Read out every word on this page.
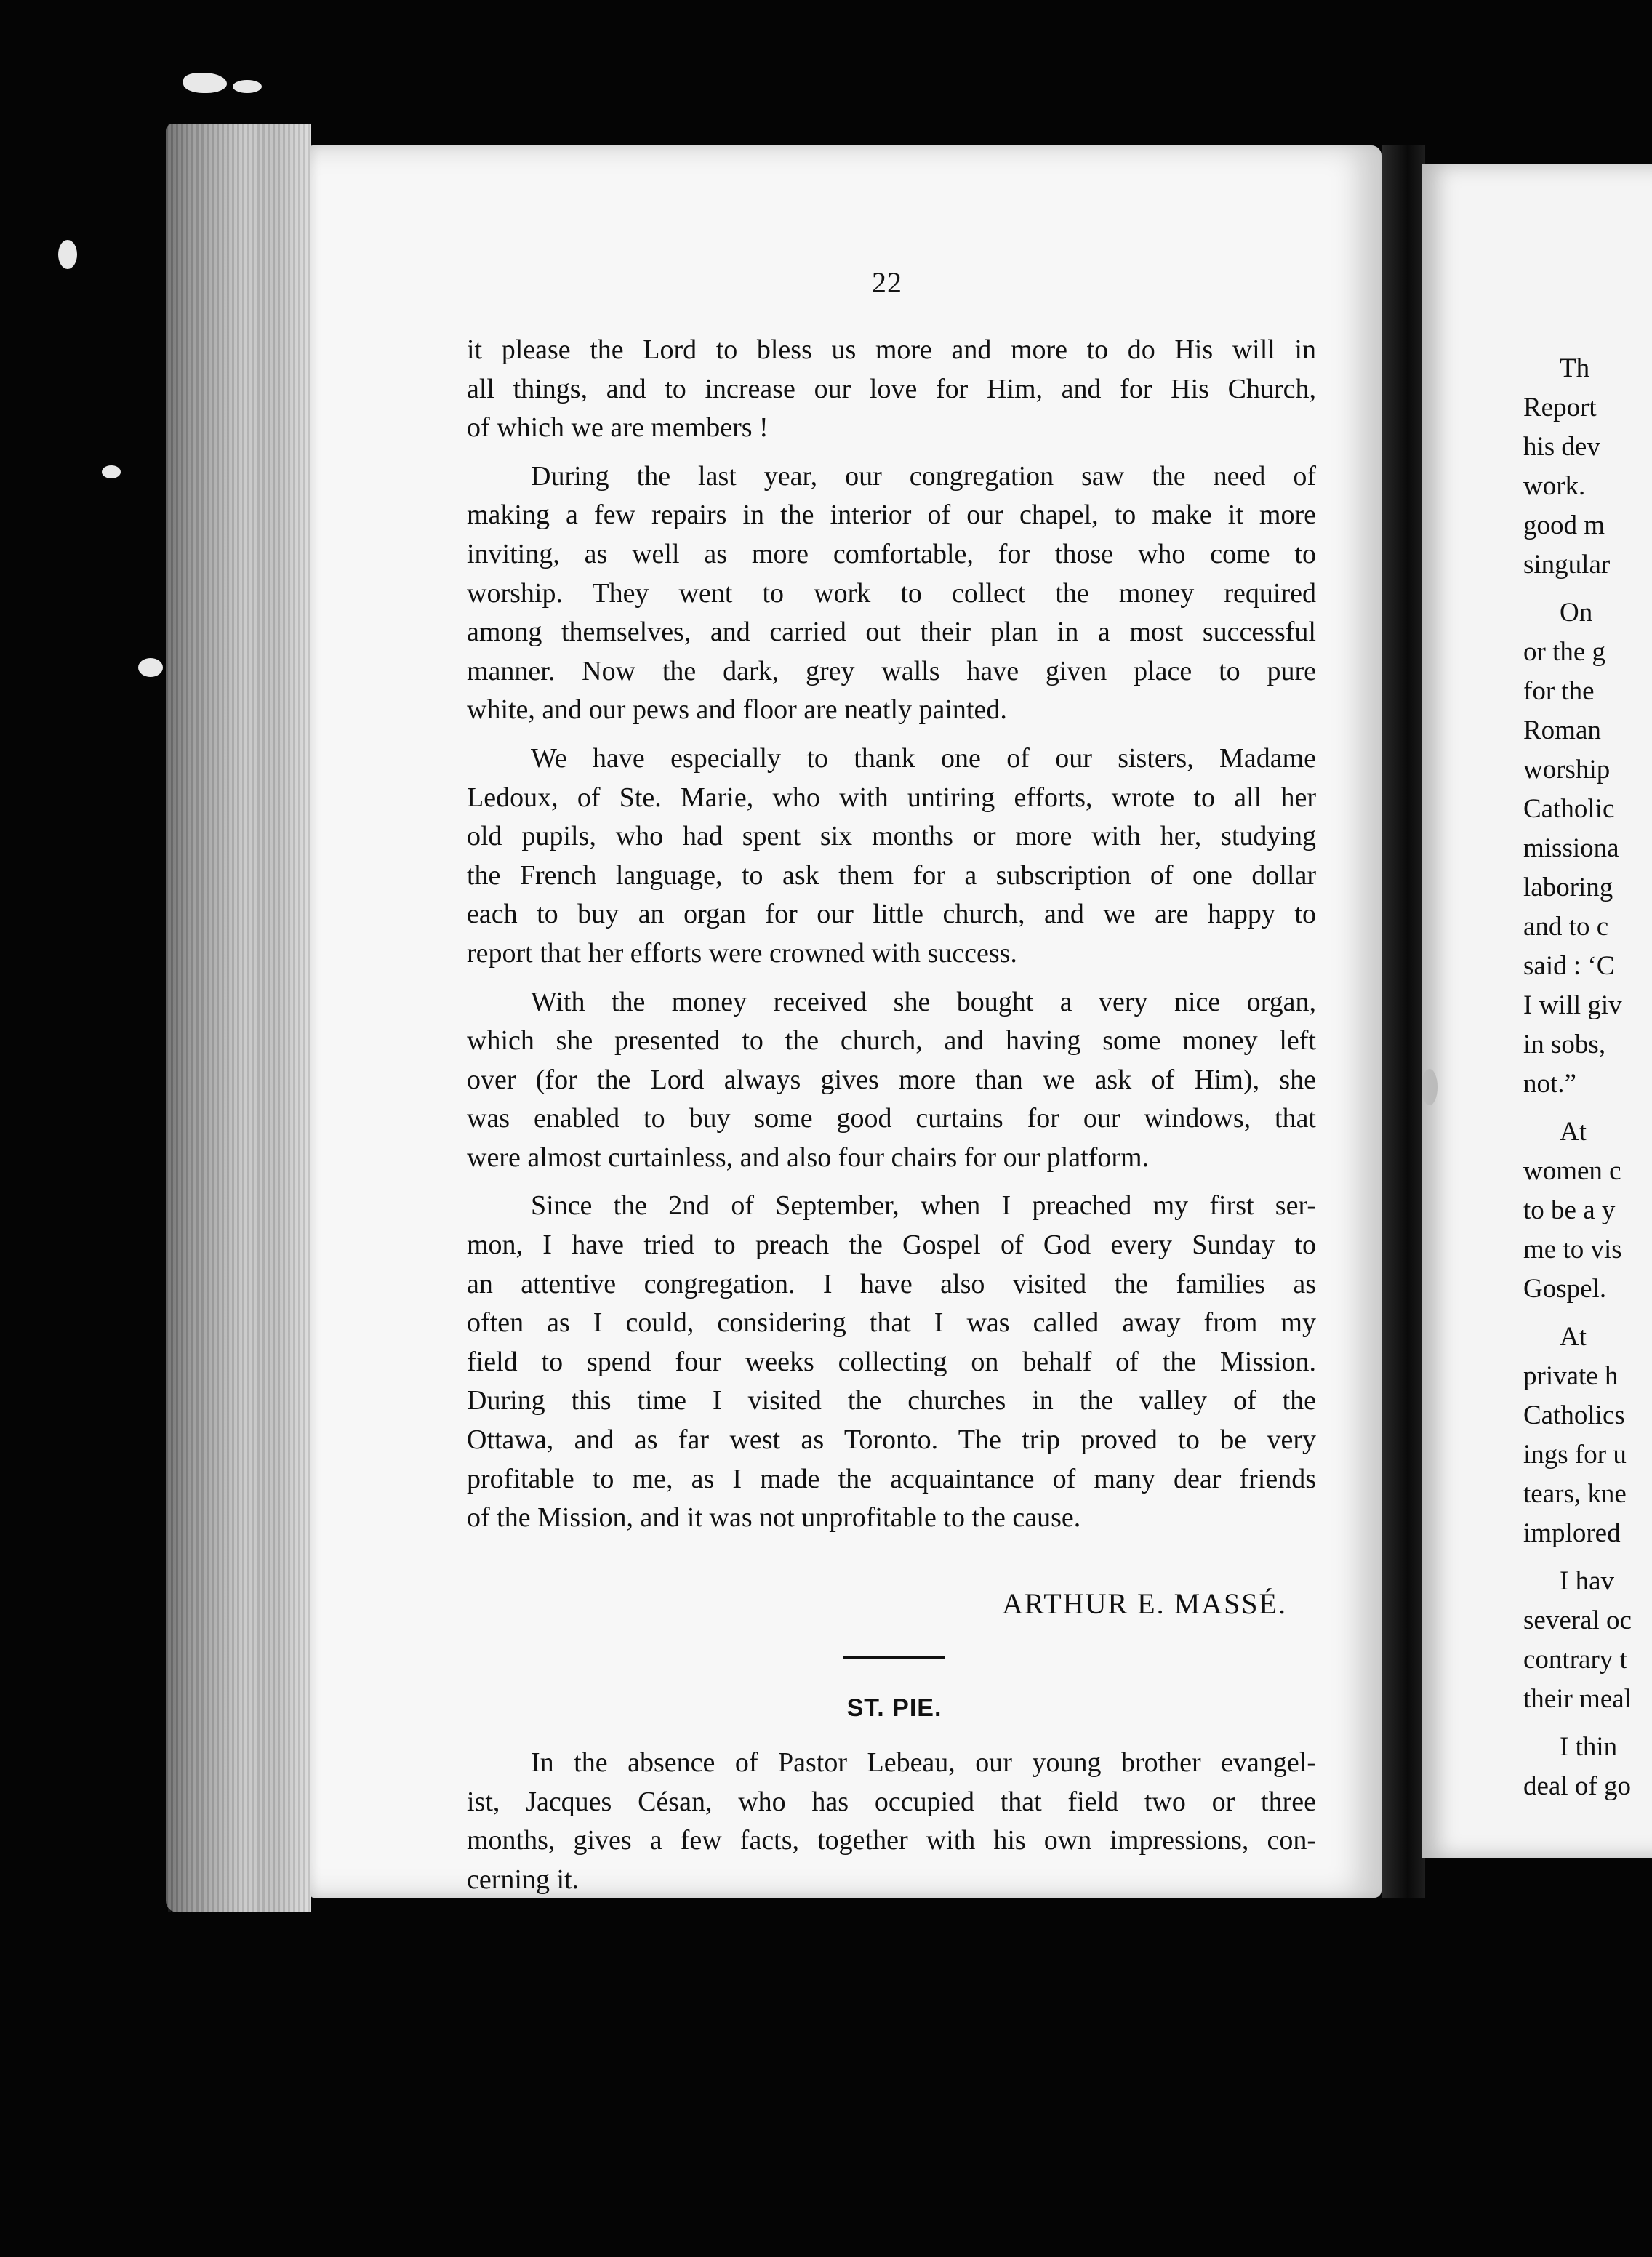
22
it please the Lord to bless us more and more to do His will in
all things, and to increase our love for Him, and for His Church,
of which we are members !
During the last year, our congregation saw the need of
making a few repairs in the interior of our chapel, to make it more
inviting, as well as more comfortable, for those who come to
worship. They went to work to collect the money required
among themselves, and carried out their plan in a most successful
manner. Now the dark, grey walls have given place to pure
white, and our pews and floor are neatly painted.
We have especially to thank one of our sisters, Madame
Ledoux, of Ste. Marie, who with untiring efforts, wrote to all her
old pupils, who had spent six months or more with her, studying
the French language, to ask them for a subscription of one dollar
each to buy an organ for our little church, and we are happy to
report that her efforts were crowned with success.
With the money received she bought a very nice organ,
which she presented to the church, and having some money left
over (for the Lord always gives more than we ask of Him), she
was enabled to buy some good curtains for our windows, that
were almost curtainless, and also four chairs for our platform.
Since the 2nd of September, when I preached my first ser-
mon, I have tried to preach the Gospel of God every Sunday to
an attentive congregation. I have also visited the families as
often as I could, considering that I was called away from my
field to spend four weeks collecting on behalf of the Mission.
During this time I visited the churches in the valley of the
Ottawa, and as far west as Toronto. The trip proved to be very
profitable to me, as I made the acquaintance of many dear friends
of the Mission, and it was not unprofitable to the cause.
ARTHUR E. MASSÉ.
ST. PIE.
In the absence of Pastor Lebeau, our young brother evangel-
ist, Jacques Césan, who has occupied that field two or three
months, gives a few facts, together with his own impressions, con-
cerning it.
Th
Report
his dev
work.
good m
singular
On
or the g
for the
Roman
worship
Catholic
missiona
laboring
and to c
said : ‘C
I will giv
in sobs,
not.”
At
women c
to be a y
me to vis
Gospel.
At
private h
Catholics
ings for u
tears, kne
implored
I hav
several oc
contrary t
their meal
I thin
deal of go
